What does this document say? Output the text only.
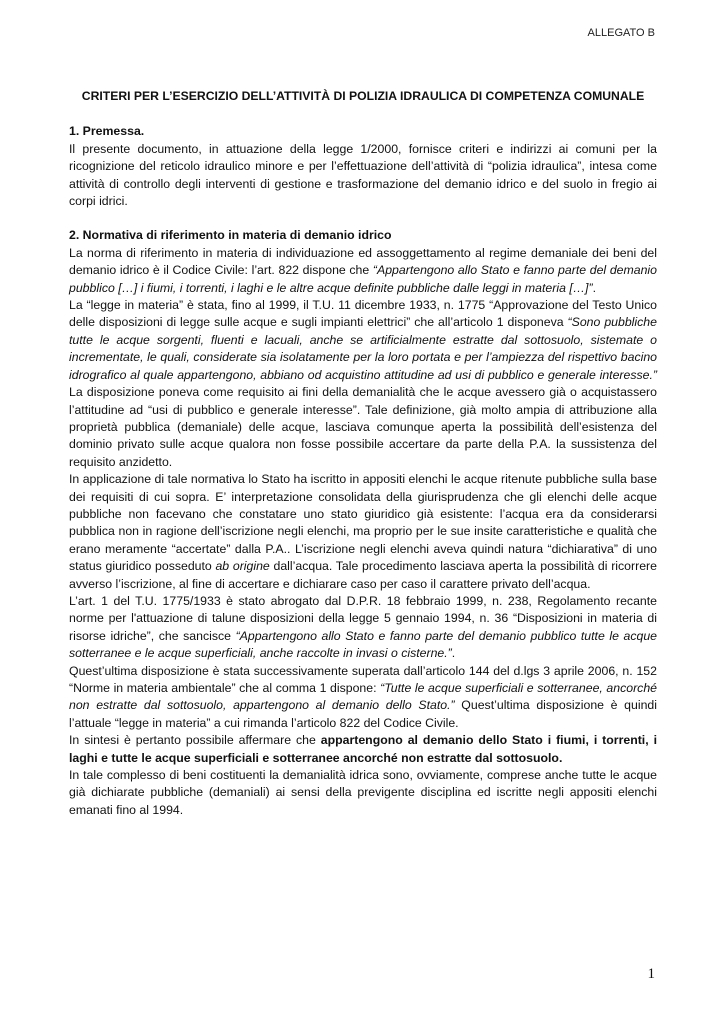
ALLEGATO B
CRITERI PER L’ESERCIZIO DELL’ATTIVITÀ DI POLIZIA IDRAULICA DI COMPETENZA COMUNALE
1. Premessa.

Il presente documento, in attuazione della legge 1/2000, fornisce criteri e indirizzi ai comuni per la ricognizione del reticolo idraulico minore e per l’effettuazione dell’attività di “polizia idraulica”, intesa come attività di controllo degli interventi di gestione e trasformazione del demanio idrico e del suolo in fregio ai corpi idrici.

2. Normativa di riferimento in materia di demanio idrico

La norma di riferimento in materia di individuazione ed assoggettamento al regime demaniale dei beni del demanio idrico è il Codice Civile: l’art. 822 dispone che “Appartengono allo Stato e fanno parte del demanio pubblico […] i fiumi, i torrenti, i laghi e le altre acque definite pubbliche dalle leggi in materia […]”.

La “legge in materia” è stata, fino al 1999, il T.U. 11 dicembre 1933, n. 1775 “Approvazione del Testo Unico delle disposizioni di legge sulle acque e sugli impianti elettrici” che all’articolo 1 disponeva “Sono pubbliche tutte le acque sorgenti, fluenti e lacuali, anche se artificialmente estratte dal sottosuolo, sistemate o incrementate, le quali, considerate sia isolatamente per la loro portata e per l’ampiezza del rispettivo bacino idrografico al quale appartengono, abbiano od acquistino attitudine ad usi di pubblico e generale interesse.” La disposizione poneva come requisito ai fini della demanialità che le acque avessero già o acquistassero l’attitudine ad “usi di pubblico e generale interesse”. Tale definizione, già molto ampia di attribuzione alla proprietà pubblica (demaniale) delle acque, lasciava comunque aperta la possibilità dell’esistenza del dominio privato sulle acque qualora non fosse possibile accertare da parte della P.A. la sussistenza del requisito anzidetto.

In applicazione di tale normativa lo Stato ha iscritto in appositi elenchi le acque ritenute pubbliche sulla base dei requisiti di cui sopra. E’ interpretazione consolidata della giurisprudenza che gli elenchi delle acque pubbliche non facevano che constatare uno stato giuridico già esistente: l’acqua era da considerarsi pubblica non in ragione dell’iscrizione negli elenchi, ma proprio per le sue insite caratteristiche e qualità che erano meramente “accertate” dalla P.A.. L’iscrizione negli elenchi aveva quindi natura “dichiarativa” di uno status giuridico posseduto ab origine dall’acqua. Tale procedimento lasciava aperta la possibilità di ricorrere avverso l’iscrizione, al fine di accertare e dichiarare caso per caso il carattere privato dell’acqua.

L’art. 1 del T.U. 1775/1933 è stato abrogato dal D.P.R. 18 febbraio 1999, n. 238, Regolamento recante norme per l'attuazione di talune disposizioni della legge 5 gennaio 1994, n. 36 “Disposizioni in materia di risorse idriche”, che sancisce “Appartengono allo Stato e fanno parte del demanio pubblico tutte le acque sotterranee e le acque superficiali, anche raccolte in invasi o cisterne.”.

Quest’ultima disposizione è stata successivamente superata dall’articolo 144 del d.lgs 3 aprile 2006, n. 152 “Norme in materia ambientale” che al comma 1 dispone: “Tutte le acque superficiali e sotterranee, ancorché non estratte dal sottosuolo, appartengono al demanio dello Stato.” Quest’ultima disposizione è quindi l’attuale “legge in materia” a cui rimanda l’articolo 822 del Codice Civile.

In sintesi è pertanto possibile affermare che appartengono al demanio dello Stato i fiumi, i torrenti, i laghi e tutte le acque superficiali e sotterranee ancorché non estratte dal sottosuolo.

In tale complesso di beni costituenti la demanialità idrica sono, ovviamente, comprese anche tutte le acque già dichiarate pubbliche (demaniali) ai sensi della previgente disciplina ed iscritte negli appositi elenchi emanati fino al 1994.

1
